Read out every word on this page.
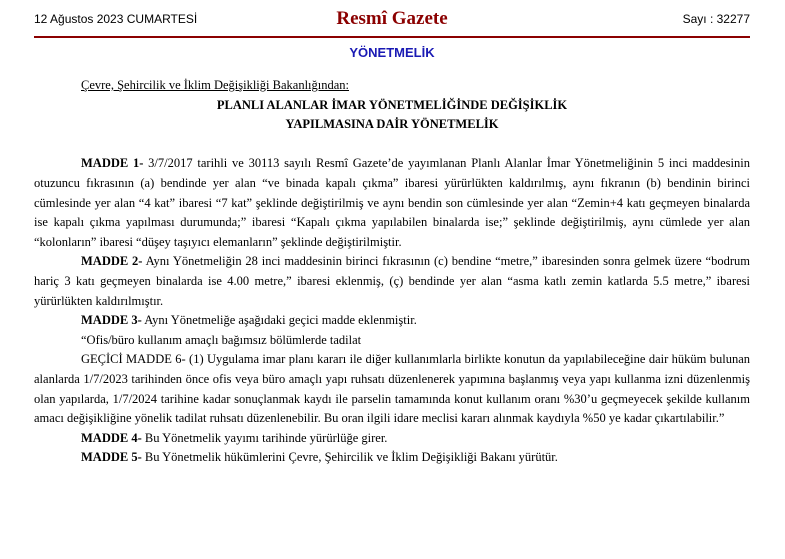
12 Ağustos 2023 CUMARTESİ	Resmî Gazete	Sayı : 32277
YÖNETMELİK

Çevre, Şehircilik ve İklim Değişikliği Bakanlığından:

PLANLI ALANLAR İMAR YÖNETMELİĞİNDE DEĞİŞİKLİK

YAPILMASINA DAİR YÖNETMELİK

MADDE 1- 3/7/2017 tarihli ve 30113 sayılı Resmî Gazete’de yayımlanan Planlı Alanlar İmar Yönetmeliğinin 5 inci maddesinin otuzuncu fıkrasının (a) bendinde yer alan “ve binada kapalı çıkma” ibaresi yürürlükten kaldırılmış, aynı fıkranın (b) bendinin birinci cümlesinde yer alan “4 kat” ibaresi “7 kat” şeklinde değiştirilmiş ve aynı bendin son cümlesinde yer alan “Zemin+4 katı geçmeyen binalarda ise kapalı çıkma yapılması durumunda;” ibaresi “Kapalı çıkma yapılabilen binalarda ise;” şeklinde değiştirilmiş, aynı cümlede yer alan “kolonların” ibaresi “düşey taşıyıcı elemanların” şeklinde değiştirilmiştir.

MADDE 2- Aynı Yönetmeliğin 28 inci maddesinin birinci fıkrasının (c) bendine “metre,” ibaresinden sonra gelmek üzere “bodrum hariç 3 katı geçmeyen binalarda ise 4.00 metre,” ibaresi eklenmiş, (ç) bendinde yer alan “asma katlı zemin katlarda 5.5 metre,” ibaresi yürürlükten kaldırılmıştır.

MADDE 3- Aynı Yönetmeliğe aşağıdaki geçici madde eklenmiştir.

“Ofis/büro kullanım amaçlı bağımsız bölümlerde tadilat

GEÇİCİ MADDE 6- (1) Uygulama imar planı kararı ile diğer kullanımlarla birlikte konutun da yapılabileceğine dair hüküm bulunan alanlarda 1/7/2023 tarihinden önce ofis veya büro amaçlı yapı ruhsatı düzenlenerek yapımına başlanmış veya yapı kullanma izni düzenlenmiş olan yapılarda, 1/7/2024 tarihine kadar sonuçlanmak kaydı ile parselin tamamında konut kullanım oranı %30’u geçmeyecek şekilde kullanım amacı değişikliğine yönelik tadilat ruhsatı düzenlenebilir. Bu oran ilgili idare meclisi kararı alınmak kaydıyla %50 ye kadar çıkartılabilir.”

MADDE 4- Bu Yönetmelik yayımı tarihinde yürürlüğe girer.

MADDE 5- Bu Yönetmelik hükümlerini Çevre, Şehircilik ve İklim Değişikliği Bakanı yürütür.
